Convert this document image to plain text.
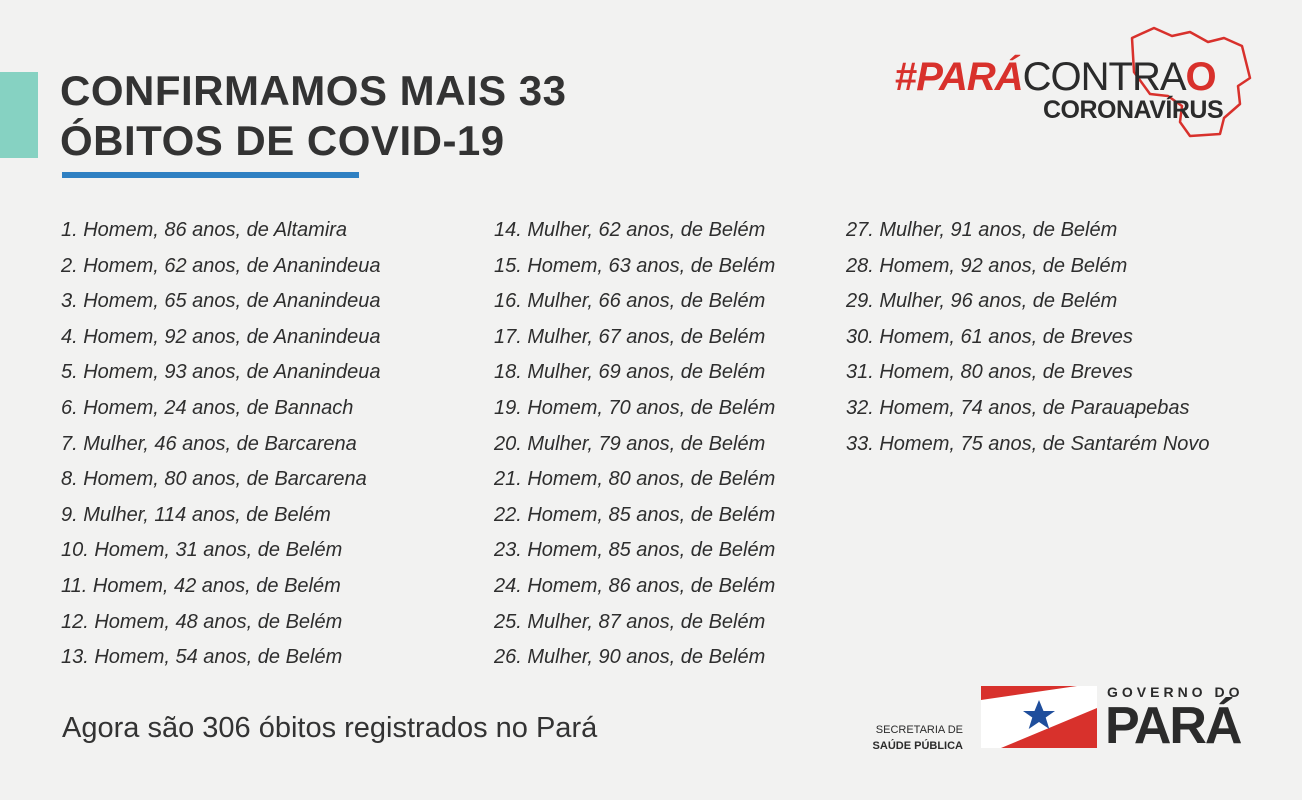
CONFIRMAMOS MAIS 33
ÓBITOS DE COVID-19
#PARÁCONTRAO
CORONAVÍRUS
1. Homem, 86 anos, de Altamira
2. Homem, 62 anos, de Ananindeua
3. Homem, 65 anos, de Ananindeua
4. Homem, 92 anos, de Ananindeua
5. Homem, 93 anos, de Ananindeua
6. Homem, 24 anos, de Bannach
7. Mulher, 46 anos, de Barcarena
8. Homem, 80 anos, de Barcarena
9. Mulher, 114 anos, de Belém
10. Homem, 31 anos, de Belém
11. Homem, 42 anos, de Belém
12. Homem, 48 anos, de Belém
13. Homem, 54 anos, de Belém
14. Mulher, 62 anos, de Belém
15. Homem, 63 anos, de Belém
16. Mulher, 66 anos, de Belém
17. Mulher, 67 anos, de Belém
18. Mulher, 69 anos, de Belém
19. Homem, 70 anos, de Belém
20. Mulher, 79 anos, de Belém
21. Homem, 80 anos, de Belém
22. Homem, 85 anos, de Belém
23. Homem, 85 anos, de Belém
24. Homem, 86 anos, de Belém
25. Mulher, 87 anos, de Belém
26. Mulher, 90 anos, de Belém
27. Mulher, 91 anos, de Belém
28. Homem, 92 anos, de Belém
29. Mulher, 96 anos, de Belém
30. Homem, 61 anos, de Breves
31. Homem, 80 anos, de Breves
32. Homem, 74 anos, de Parauapebas
33. Homem, 75 anos, de Santarém Novo

Agora são 306 óbitos registrados no Pará	SECRETARIA DE
SAÚDE PÚBLICA
GOVERNO DO
PARÁ
